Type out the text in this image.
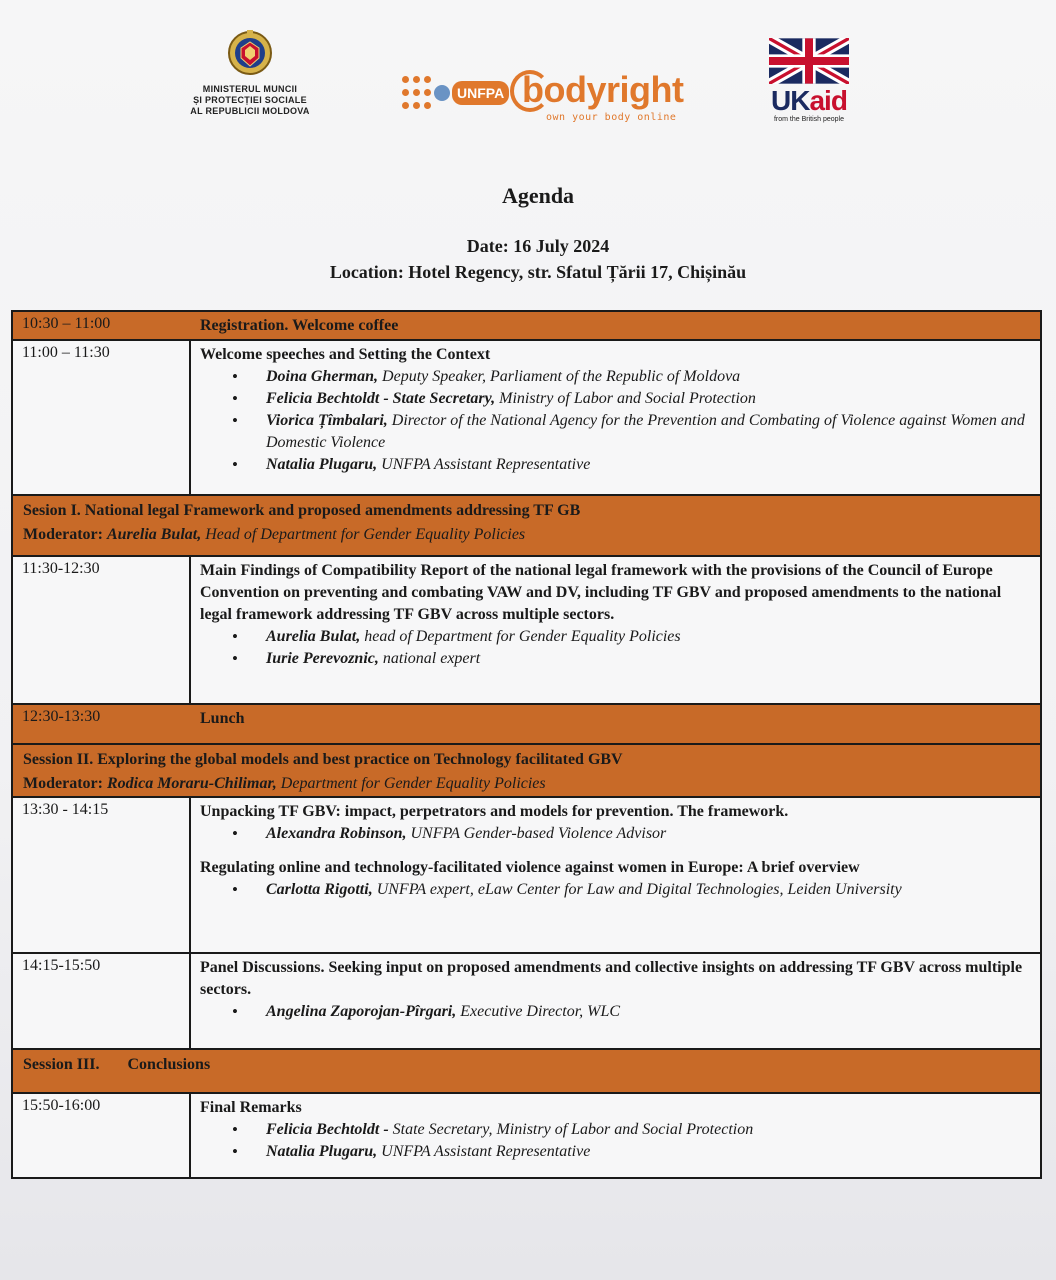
MINISTERUL MUNCII
ȘI PROTECȚIEI SOCIALE
AL REPUBLICII MOLDOVA
UNFPA bodyright
own your body online
UKaid
from the British people
Agenda
Date: 16 July 2024
Location: Hotel Regency, str. Sfatul Țării 17, Chișinău
10:30 – 11:00	Registration. Welcome coffee
11:00 – 11:30	Welcome speeches and Setting the Context
• Doina Gherman, Deputy Speaker, Parliament of the Republic of Moldova
• Felicia Bechtoldt - State Secretary, Ministry of Labor and Social Protection
• Viorica Țîmbalari, Director of the National Agency for the Prevention and Combating of Violence against Women and Domestic Violence
• Natalia Plugaru, UNFPA Assistant Representative
Sesion I. National legal Framework and proposed amendments addressing TF GB
Moderator: Aurelia Bulat, Head of Department for Gender Equality Policies
11:30-12:30	Main Findings of Compatibility Report of the national legal framework with the provisions of the Council of Europe Convention on preventing and combating VAW and DV, including TF GBV and proposed amendments to the national legal framework addressing TF GBV across multiple sectors.
• Aurelia Bulat, head of Department for Gender Equality Policies
• Iurie Perevoznic, national expert
12:30-13:30	Lunch
Session II. Exploring the global models and best practice on Technology facilitated GBV
Moderator: Rodica Moraru-Chilimar, Department for Gender Equality Policies
13:30 - 14:15	Unpacking TF GBV: impact, perpetrators and models for prevention. The framework.
• Alexandra Robinson, UNFPA Gender-based Violence Advisor
Regulating online and technology-facilitated violence against women in Europe: A brief overview
• Carlotta Rigotti, UNFPA expert, eLaw Center for Law and Digital Technologies, Leiden University
14:15-15:50	Panel Discussions. Seeking input on proposed amendments and collective insights on addressing TF GBV across multiple sectors.
• Angelina Zaporojan-Pîrgari, Executive Director, WLC
Session III. Conclusions
15:50-16:00	Final Remarks
• Felicia Bechtoldt - State Secretary, Ministry of Labor and Social Protection
• Natalia Plugaru, UNFPA Assistant Representative
